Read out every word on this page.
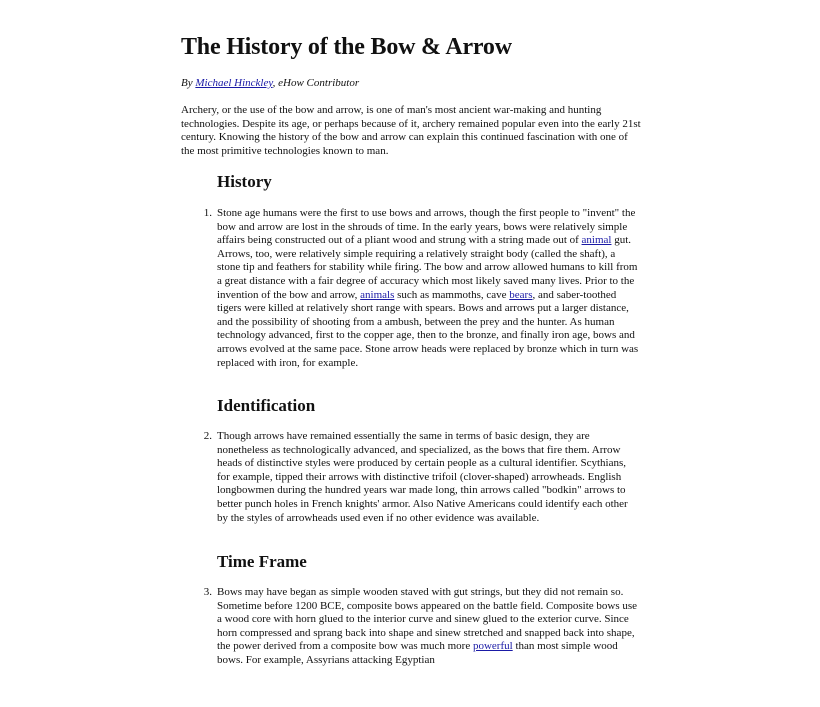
The History of the Bow & Arrow
By Michael Hinckley, eHow Contributor

Archery, or the use of the bow and arrow, is one of man's most ancient war-making and hunting technologies. Despite its age, or perhaps because of it, archery remained popular even into the early 21st century. Knowing the history of the bow and arrow can explain this continued fascination with one of the most primitive technologies known to man.

History
1. Stone age humans were the first to use bows and arrows, though the first people to "invent" the bow and arrow are lost in the shrouds of time. In the early years, bows were relatively simple affairs being constructed out of a pliant wood and strung with a string made out of animal gut. Arrows, too, were relatively simple requiring a relatively straight body (called the shaft), a stone tip and feathers for stability while firing. The bow and arrow allowed humans to kill from a great distance with a fair degree of accuracy which most likely saved many lives. Prior to the invention of the bow and arrow, animals such as mammoths, cave bears, and saber-toothed tigers were killed at relatively short range with spears. Bows and arrows put a larger distance, and the possibility of shooting from a ambush, between the prey and the hunter. As human technology advanced, first to the copper age, then to the bronze, and finally iron age, bows and arrows evolved at the same pace. Stone arrow heads were replaced by bronze which in turn was replaced with iron, for example.

Identification
2. Though arrows have remained essentially the same in terms of basic design, they are nonetheless as technologically advanced, and specialized, as the bows that fire them. Arrow heads of distinctive styles were produced by certain people as a cultural identifier. Scythians, for example, tipped their arrows with distinctive trifoil (clover-shaped) arrowheads. English longbowmen during the hundred years war made long, thin arrows called "bodkin" arrows to better punch holes in French knights' armor. Also Native Americans could identify each other by the styles of arrowheads used even if no other evidence was available.

Time Frame
3. Bows may have began as simple wooden staved with gut strings, but they did not remain so. Sometime before 1200 BCE, composite bows appeared on the battle field. Composite bows use a wood core with horn glued to the interior curve and sinew glued to the exterior curve. Since horn compressed and sprang back into shape and sinew stretched and snapped back into shape, the power derived from a composite bow was much more powerful than most simple wood bows. For example, Assyrians attacking Egyptian
